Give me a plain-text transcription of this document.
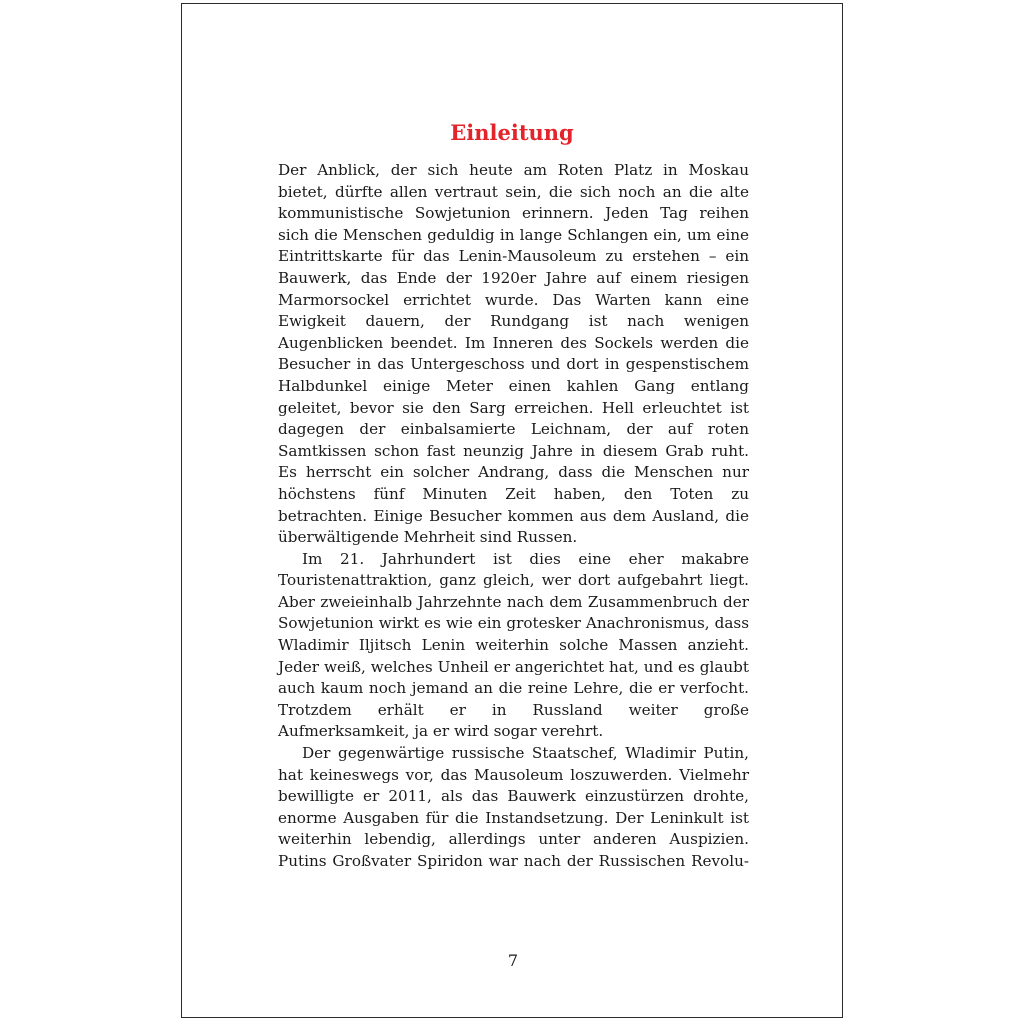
Einleitung

Der Anblick, der sich heute am Roten Platz in Moskau bietet, dürfte allen vertraut sein, die sich noch an die alte kommunistische Sowjetunion erinnern. Jeden Tag reihen sich die Menschen geduldig in lange Schlangen ein, um eine Eintrittskarte für das Lenin-Mausoleum zu erstehen – ein Bauwerk, das Ende der 1920er Jahre auf einem riesigen Marmorsockel errichtet wurde. Das Warten kann eine Ewigkeit dauern, der Rundgang ist nach wenigen Augenblicken beendet. Im Inneren des Sockels werden die Besucher in das Untergeschoss und dort in gespenstischem Halbdunkel einige Meter einen kahlen Gang entlang geleitet, bevor sie den Sarg erreichen. Hell erleuchtet ist dagegen der einbalsamierte Leichnam, der auf roten Samtkissen schon fast neunzig Jahre in diesem Grab ruht. Es herrscht ein solcher Andrang, dass die Menschen nur höchstens fünf Minuten Zeit haben, den Toten zu betrachten. Einige Besucher kommen aus dem Ausland, die überwältigende Mehrheit sind Russen.

Im 21. Jahrhundert ist dies eine eher makabre Touristenattraktion, ganz gleich, wer dort aufgebahrt liegt. Aber zweieinhalb Jahrzehnte nach dem Zusammenbruch der Sowjetunion wirkt es wie ein grotesker Anachronismus, dass Wladimir Iljitsch Lenin weiterhin solche Massen anzieht. Jeder weiß, welches Unheil er angerichtet hat, und es glaubt auch kaum noch jemand an die reine Lehre, die er verfocht. Trotzdem erhält er in Russland weiter große Aufmerksamkeit, ja er wird sogar verehrt.

Der gegenwärtige russische Staatschef, Wladimir Putin, hat keineswegs vor, das Mausoleum loszuwerden. Vielmehr bewilligte er 2011, als das Bauwerk einzustürzen drohte, enorme Ausgaben für die Instandsetzung. Der Leninkult ist weiterhin lebendig, allerdings unter anderen Auspizien. Putins Großvater Spiridon war nach der Russischen Revolu-

7
